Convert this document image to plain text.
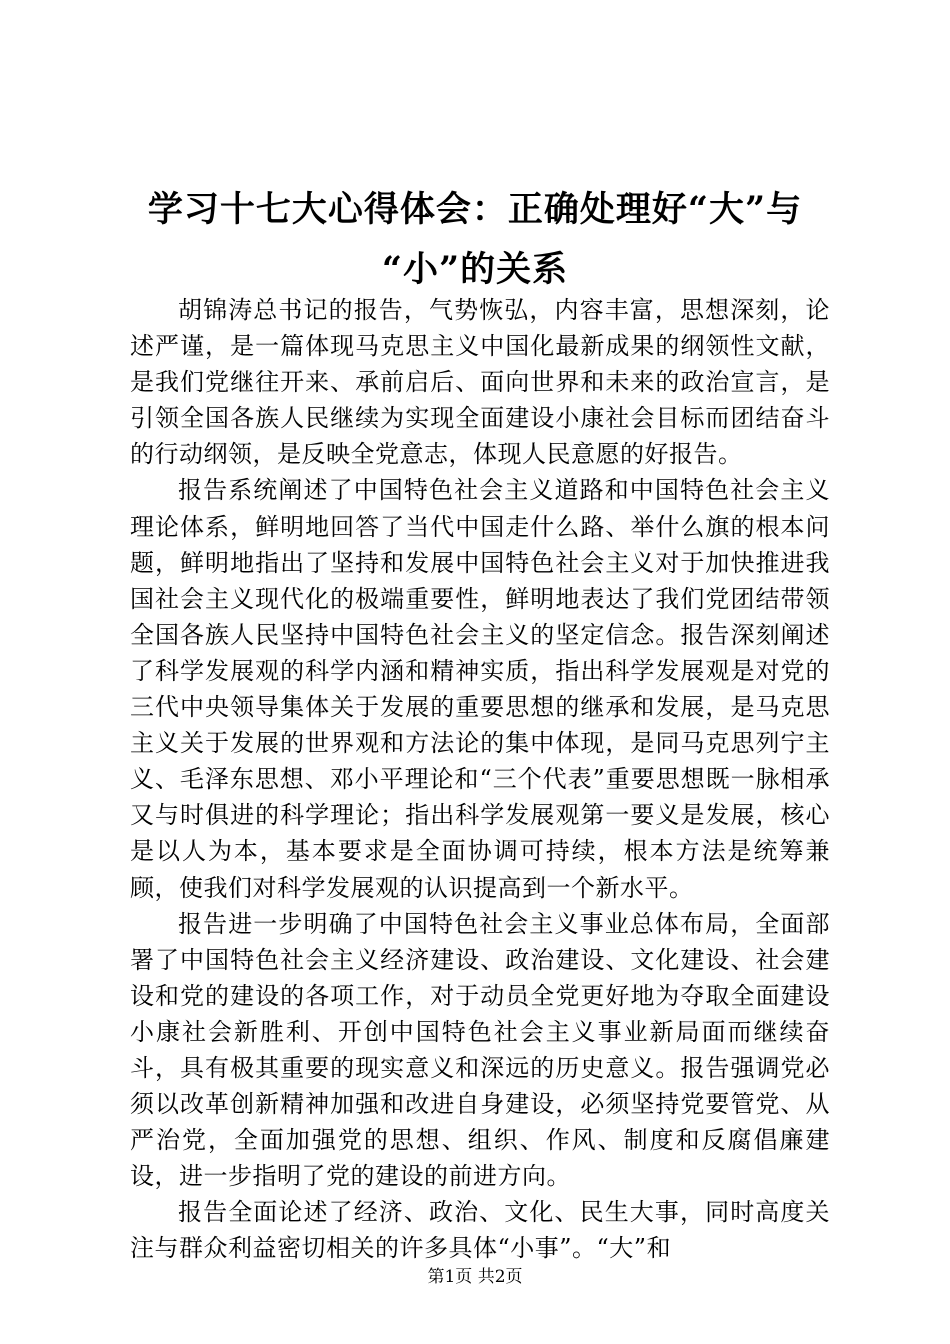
学习十七大心得体会：正确处理好“大”与
“小”的关系

胡锦涛总书记的报告，气势恢弘，内容丰富，思想深刻，论述严谨，是一篇体现马克思主义中国化最新成果的纲领性文献，是我们党继往开来、承前启后、面向世界和未来的政治宣言，是引领全国各族人民继续为实现全面建设小康社会目标而团结奋斗的行动纲领，是反映全党意志，体现人民意愿的好报告。

报告系统阐述了中国特色社会主义道路和中国特色社会主义理论体系，鲜明地回答了当代中国走什么路、举什么旗的根本问题，鲜明地指出了坚持和发展中国特色社会主义对于加快推进我国社会主义现代化的极端重要性，鲜明地表达了我们党团结带领全国各族人民坚持中国特色社会主义的坚定信念。报告深刻阐述了科学发展观的科学内涵和精神实质，指出科学发展观是对党的三代中央领导集体关于发展的重要思想的继承和发展，是马克思主义关于发展的世界观和方法论的集中体现，是同马克思列宁主义、毛泽东思想、邓小平理论和“三个代表”重要思想既一脉相承又与时俱进的科学理论；指出科学发展观第一要义是发展，核心是以人为本，基本要求是全面协调可持续，根本方法是统筹兼顾，使我们对科学发展观的认识提高到一个新水平。

报告进一步明确了中国特色社会主义事业总体布局，全面部署了中国特色社会主义经济建设、政治建设、文化建设、社会建设和党的建设的各项工作，对于动员全党更好地为夺取全面建设小康社会新胜利、开创中国特色社会主义事业新局面而继续奋斗，具有极其重要的现实意义和深远的历史意义。报告强调党必须以改革创新精神加强和改进自身建设，必须坚持党要管党、从严治党，全面加强党的思想、组织、作风、制度和反腐倡廉建设，进一步指明了党的建设的前进方向。

报告全面论述了经济、政治、文化、民生大事，同时高度关注与群众利益密切相关的许多具体“小事”。“大”和

第1页 共2页
